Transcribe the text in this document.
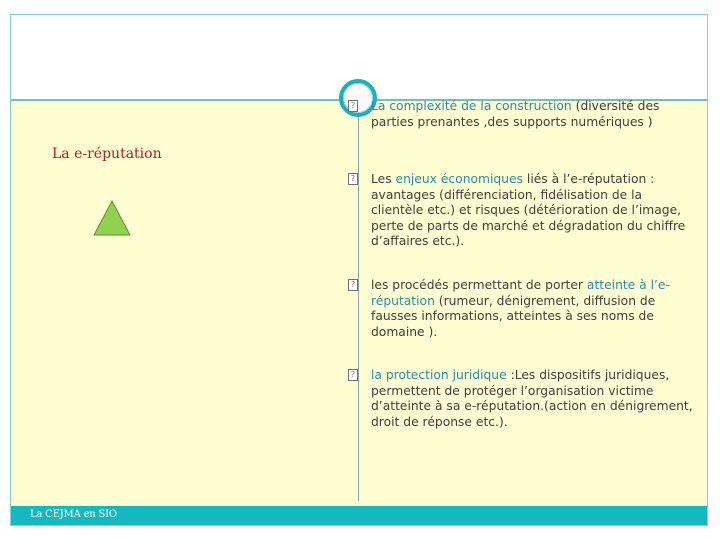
La CEJMA en SIO
La e-réputation
? La complexité de la construction (diversité des parties prenantes ,des supports numériques )
? Les enjeux économiques liés à l’e-réputation : avantages (différenciation, fidélisation de la clientèle etc.) et risques (détérioration de l’image, perte de parts de marché et dégradation du chiffre d’affaires etc.).
? les procédés permettant de porter atteinte à l’e-réputation (rumeur, dénigrement, diffusion de fausses informations, atteintes à ses noms de domaine ).
? la protection juridique :Les dispositifs juridiques, permettent de protéger l’organisation victime d’atteinte à sa e-réputation.(action en dénigrement, droit de réponse etc.).
